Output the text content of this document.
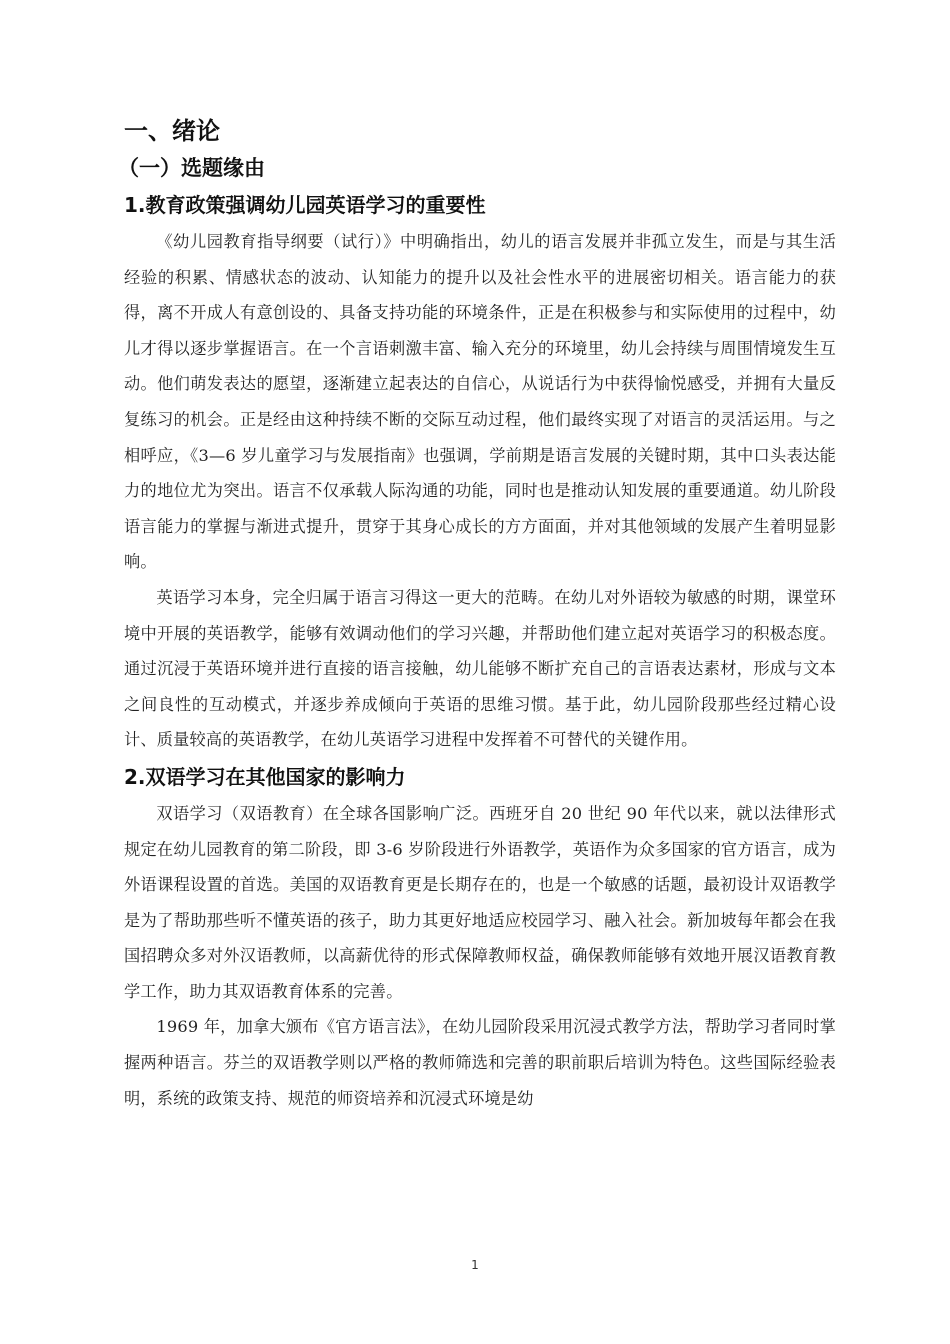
一、绪论
（一）选题缘由
1.教育政策强调幼儿园英语学习的重要性

《幼儿园教育指导纲要（试行）》中明确指出，幼儿的语言发展并非孤立发生，而是与其生活经验的积累、情感状态的波动、认知能力的提升以及社会性水平的进展密切相关。语言能力的获得，离不开成人有意创设的、具备支持功能的环境条件，正是在积极参与和实际使用的过程中，幼儿才得以逐步掌握语言。在一个言语刺激丰富、输入充分的环境里，幼儿会持续与周围情境发生互动。他们萌发表达的愿望，逐渐建立起表达的自信心，从说话行为中获得愉悦感受，并拥有大量反复练习的机会。正是经由这种持续不断的交际互动过程，他们最终实现了对语言的灵活运用。与之相呼应，《3—6 岁儿童学习与发展指南》也强调，学前期是语言发展的关键时期，其中口头表达能力的地位尤为突出。语言不仅承载人际沟通的功能，同时也是推动认知发展的重要通道。幼儿阶段语言能力的掌握与渐进式提升，贯穿于其身心成长的方方面面，并对其他领域的发展产生着明显影响。

英语学习本身，完全归属于语言习得这一更大的范畴。在幼儿对外语较为敏感的时期，课堂环境中开展的英语教学，能够有效调动他们的学习兴趣，并帮助他们建立起对英语学习的积极态度。通过沉浸于英语环境并进行直接的语言接触，幼儿能够不断扩充自己的言语表达素材，形成与文本之间良性的互动模式，并逐步养成倾向于英语的思维习惯。基于此，幼儿园阶段那些经过精心设计、质量较高的英语教学，在幼儿英语学习进程中发挥着不可替代的关键作用。

2.双语学习在其他国家的影响力

双语学习（双语教育）在全球各国影响广泛。西班牙自 20 世纪 90 年代以来，就以法律形式规定在幼儿园教育的第二阶段，即 3-6 岁阶段进行外语教学，英语作为众多国家的官方语言，成为外语课程设置的首选。美国的双语教育更是长期存在的，也是一个敏感的话题，最初设计双语教学是为了帮助那些听不懂英语的孩子，助力其更好地适应校园学习、融入社会。新加坡每年都会在我国招聘众多对外汉语教师，以高薪优待的形式保障教师权益，确保教师能够有效地开展汉语教育教学工作，助力其双语教育体系的完善。

1969 年，加拿大颁布《官方语言法》，在幼儿园阶段采用沉浸式教学方法，帮助学习者同时掌握两种语言。芬兰的双语教学则以严格的教师筛选和完善的职前职后培训为特色。这些国际经验表明，系统的政策支持、规范的师资培养和沉浸式环境是幼

1
